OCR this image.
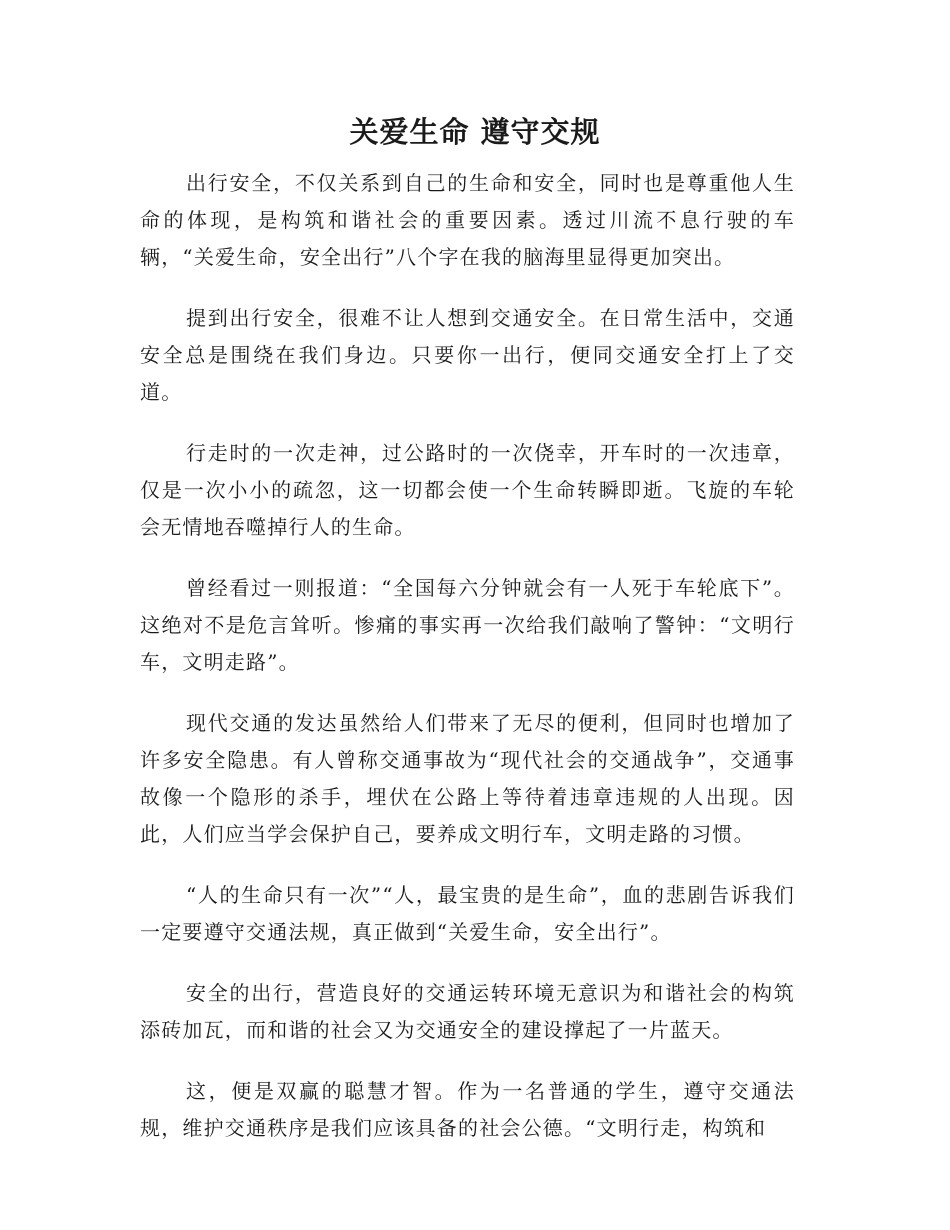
关爱生命 遵守交规

出行安全，不仅关系到自己的生命和安全，同时也是尊重他人生命的体现，是构筑和谐社会的重要因素。透过川流不息行驶的车辆，“关爱生命，安全出行”八个字在我的脑海里显得更加突出。

提到出行安全，很难不让人想到交通安全。在日常生活中，交通安全总是围绕在我们身边。只要你一出行，便同交通安全打上了交道。

行走时的一次走神，过公路时的一次侥幸，开车时的一次违章，仅是一次小小的疏忽，这一切都会使一个生命转瞬即逝。飞旋的车轮会无情地吞噬掉行人的生命。

曾经看过一则报道：“全国每六分钟就会有一人死于车轮底下”。这绝对不是危言耸听。惨痛的事实再一次给我们敲响了警钟：“文明行车，文明走路”。

现代交通的发达虽然给人们带来了无尽的便利，但同时也增加了许多安全隐患。有人曾称交通事故为“现代社会的交通战争”，交通事故像一个隐形的杀手，埋伏在公路上等待着违章违规的人出现。因此，人们应当学会保护自己，要养成文明行车，文明走路的习惯。

“人的生命只有一次”“人，最宝贵的是生命”，血的悲剧告诉我们一定要遵守交通法规，真正做到“关爱生命，安全出行”。

安全的出行，营造良好的交通运转环境无意识为和谐社会的构筑添砖加瓦，而和谐的社会又为交通安全的建设撑起了一片蓝天。

这，便是双赢的聪慧才智。作为一名普通的学生，遵守交通法规，维护交通秩序是我们应该具备的社会公德。“文明行走，构筑和
